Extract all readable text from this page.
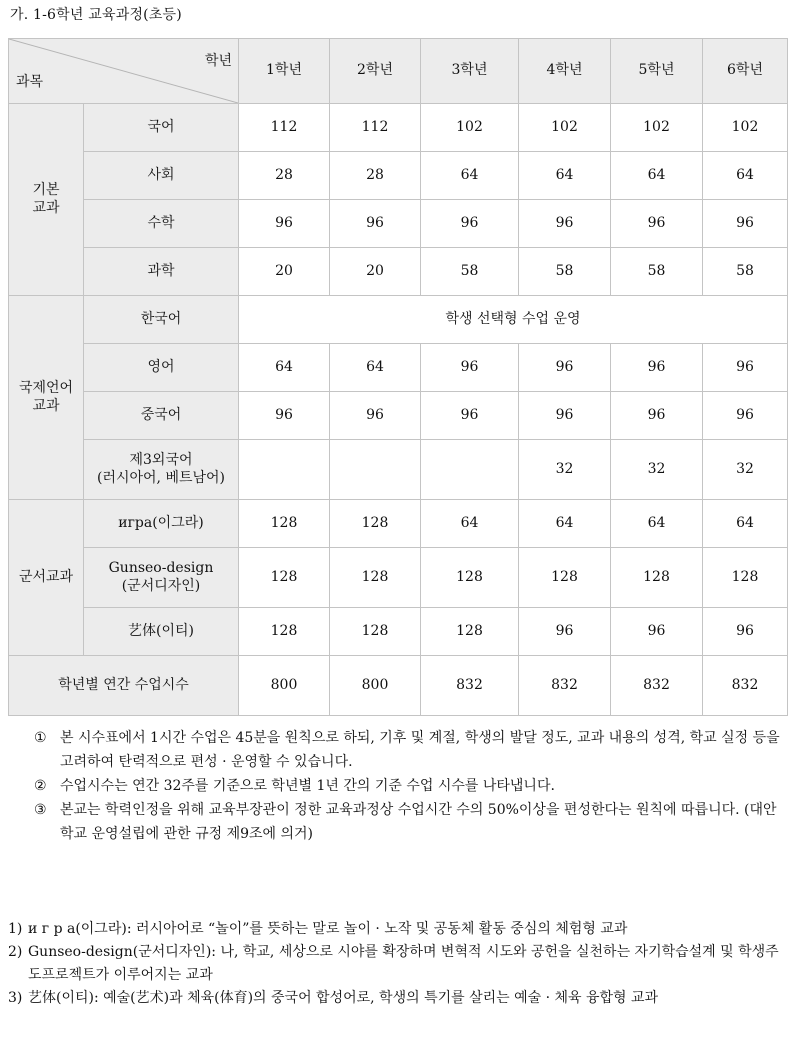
가. 1-6학년 교육과정(초등)
학년
과목		1학년	2학년	3학년	4학년	5학년	6학년
기본
교과	국어	112	112	102	102	102	102
	사회	28	28	64	64	64	64
	수학	96	96	96	96	96	96
	과학	20	20	58	58	58	58
국제언어
교과	한국어	학생 선택형 수업 운영					
	영어	64	64	96	96	96	96
	중국어	96	96	96	96	96	96
	제3외국어
(러시아어, 베트남어)				32	32	32
군서교과	игра(이그라)	128	128	64	64	64	64
	Gunseo-design
(군서디자인)	128	128	128	128	128	128
	艺体(이티)	128	128	128	96	96	96
학년별 연간 수업시수		800	800	832	832	832	832
① 본 시수표에서 1시간 수업은 45분을 원칙으로 하되, 기후 및 계절, 학생의 발달 정도, 교과 내용의 성격, 학교 실정 등을 고려하여 탄력적으로 편성 · 운영할 수 있습니다.
② 수업시수는 연간 32주를 기준으로 학년별 1년 간의 기준 수업 시수를 나타냅니다.
③ 본교는 학력인정을 위해 교육부장관이 정한 교육과정상 수업시간 수의 50%이상을 편성한다는 원칙에 따릅니다. (대안학교 운영설립에 관한 규정 제9조에 의거)
1) и г р а(이그라): 러시아어로 “놀이”를 뜻하는 말로 놀이 · 노작 및 공동체 활동 중심의 체험형 교과
2) Gunseo-design(군서디자인): 나, 학교, 세상으로 시야를 확장하며 변혁적 시도와 공헌을 실천하는 자기학습설계 및 학생주도프로젝트가 이루어지는 교과
3) 艺体(이티): 예술(艺术)과 체육(体育)의 중국어 합성어로, 학생의 특기를 살리는 예술 · 체육 융합형 교과
